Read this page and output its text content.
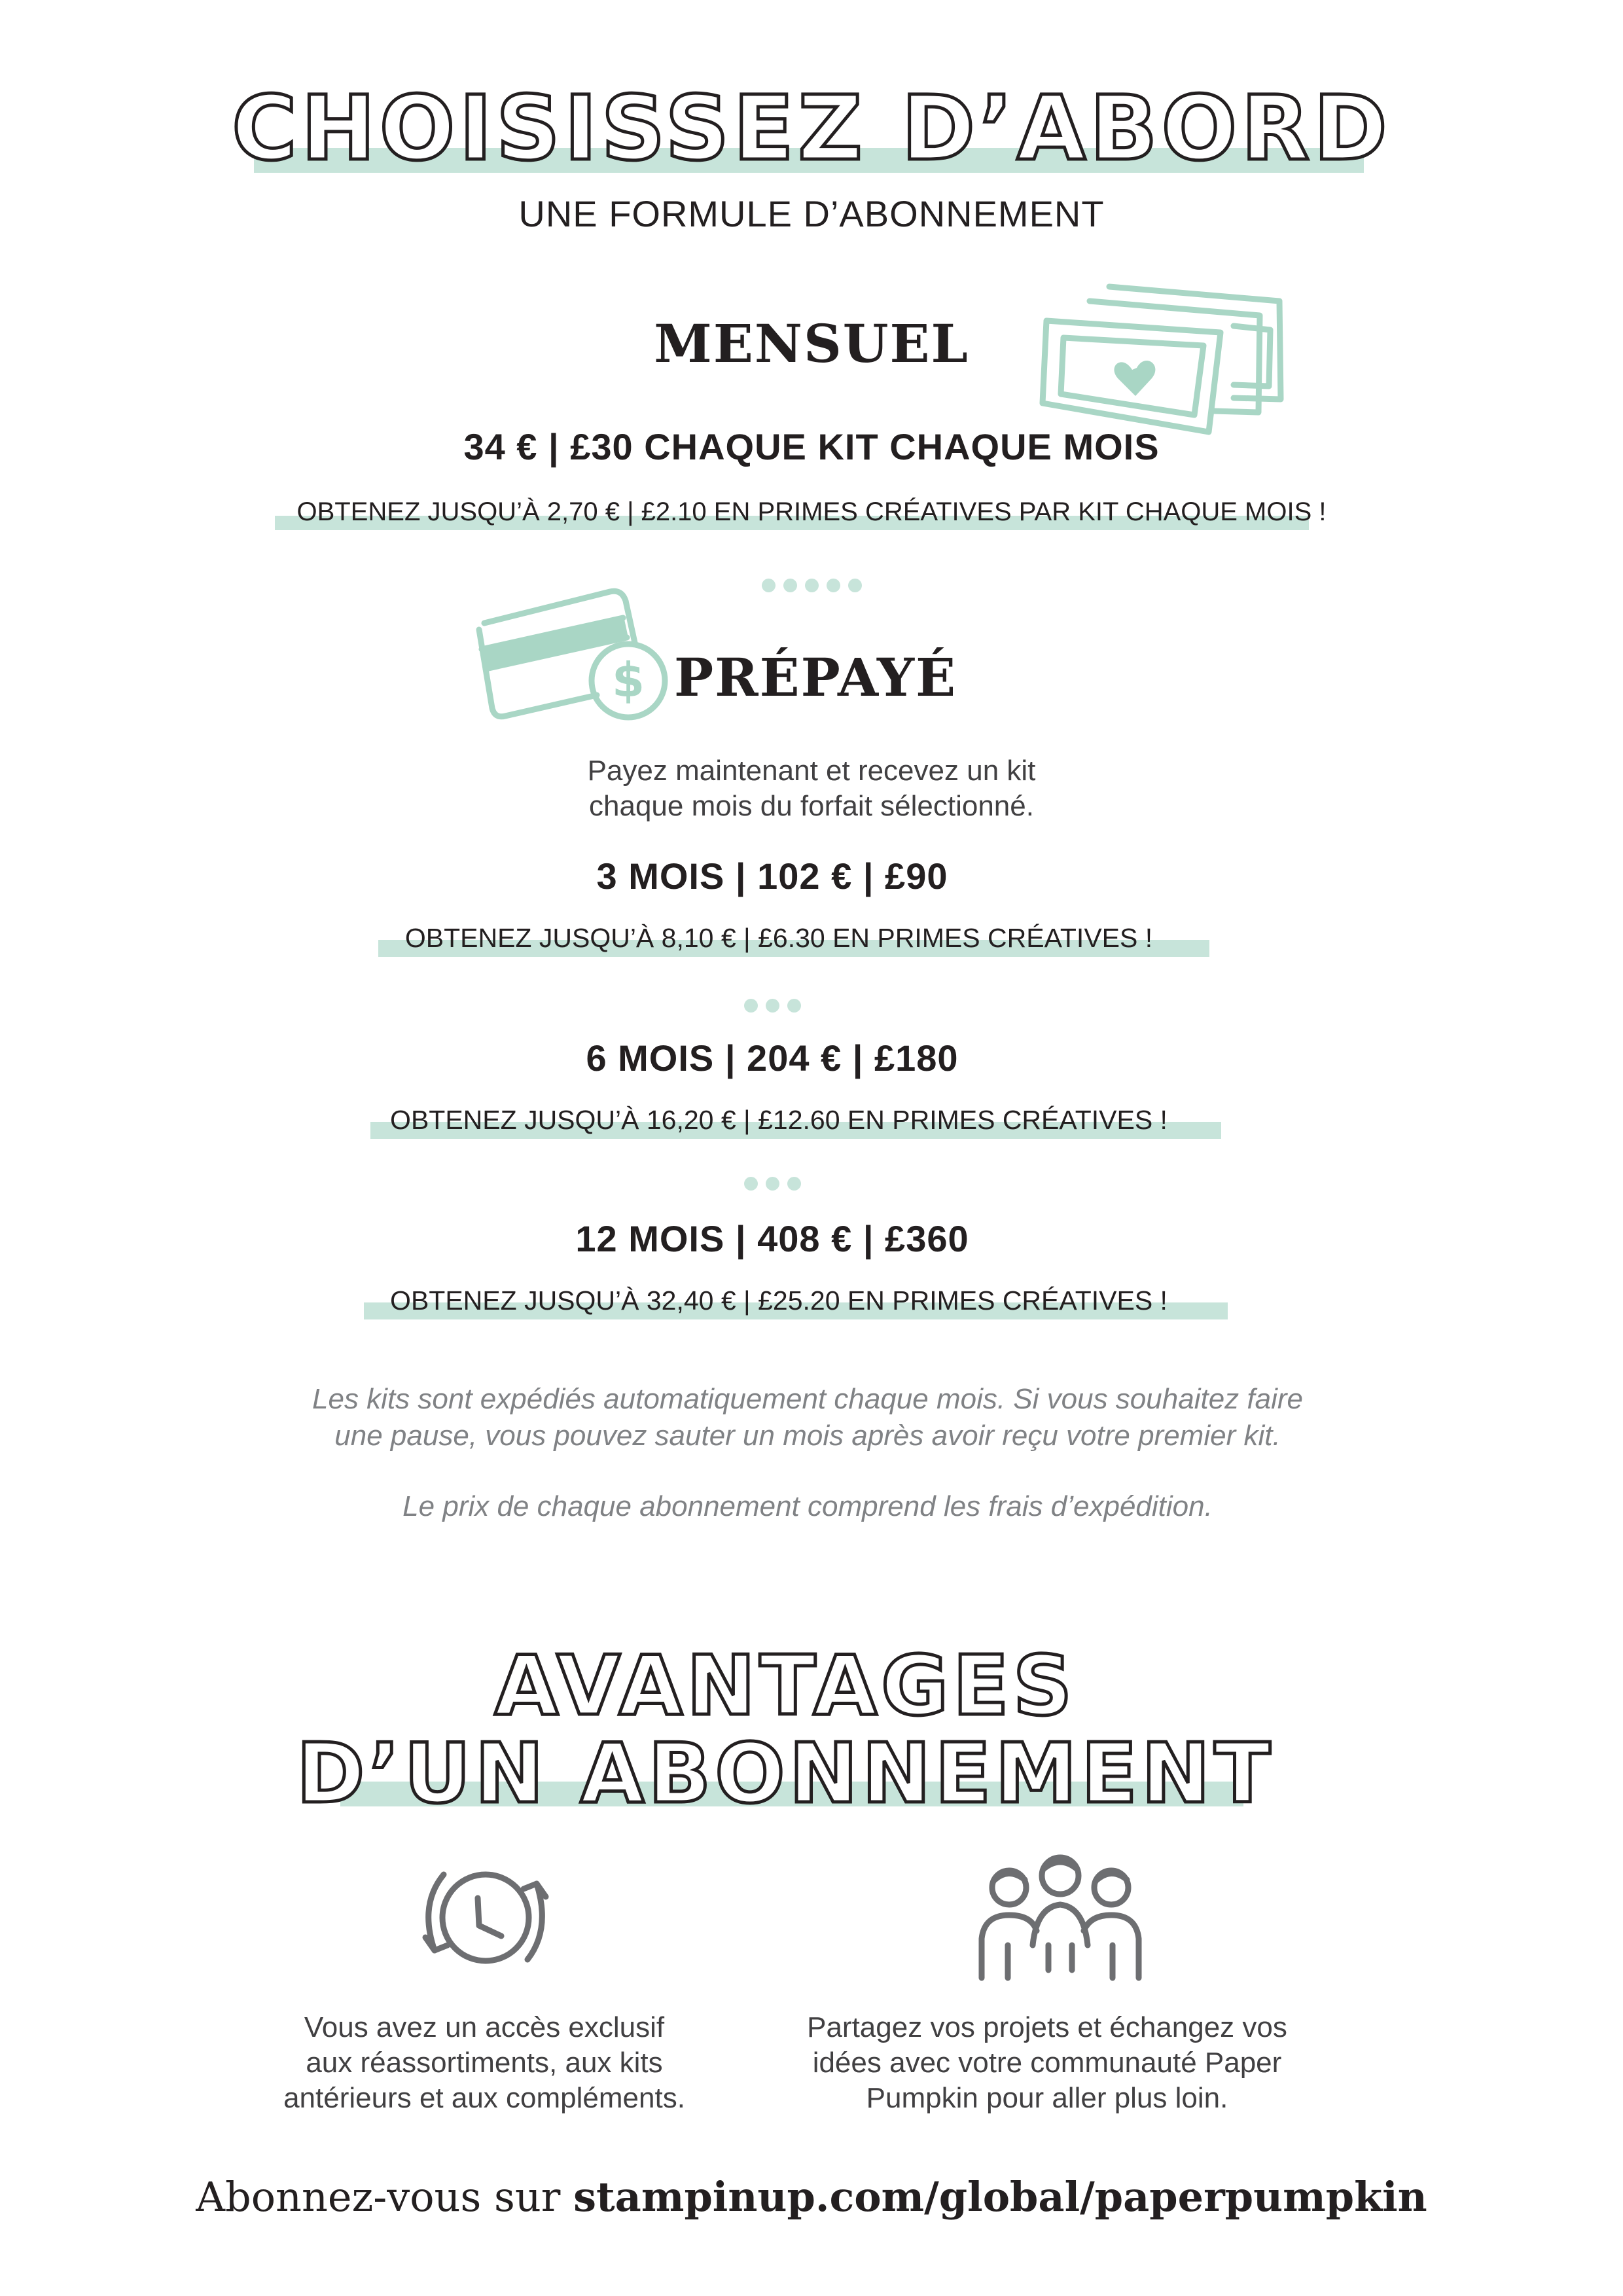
CHOISISSEZ D’ABORD
UNE FORMULE D’ABONNEMENT
MENSUEL
34 € | £30 CHAQUE KIT CHAQUE MOIS
OBTENEZ JUSQU’À 2,70 € | £2.10 EN PRIMES CRÉATIVES PAR KIT CHAQUE MOIS !
$ PRÉPAYÉ
Payez maintenant et recevez un kit
chaque mois du forfait sélectionné.
3 MOIS | 102 € | £90
OBTENEZ JUSQU’À 8,10 € | £6.30 EN PRIMES CRÉATIVES !
6 MOIS | 204 € | £180
OBTENEZ JUSQU’À 16,20 € | £12.60 EN PRIMES CRÉATIVES !
12 MOIS | 408 € | £360
OBTENEZ JUSQU’À 32,40 € | £25.20 EN PRIMES CRÉATIVES !
Les kits sont expédiés automatiquement chaque mois. Si vous souhaitez faire
une pause, vous pouvez sauter un mois après avoir reçu votre premier kit.
Le prix de chaque abonnement comprend les frais d’expédition.
AVANTAGES
D’UN ABONNEMENT
Vous avez un accès exclusif
aux réassortiments, aux kits
antérieurs et aux compléments.
Partagez vos projets et échangez vos
idées avec votre communauté Paper
Pumpkin pour aller plus loin.
Abonnez-vous sur stampinup.com/global/paperpumpkin
